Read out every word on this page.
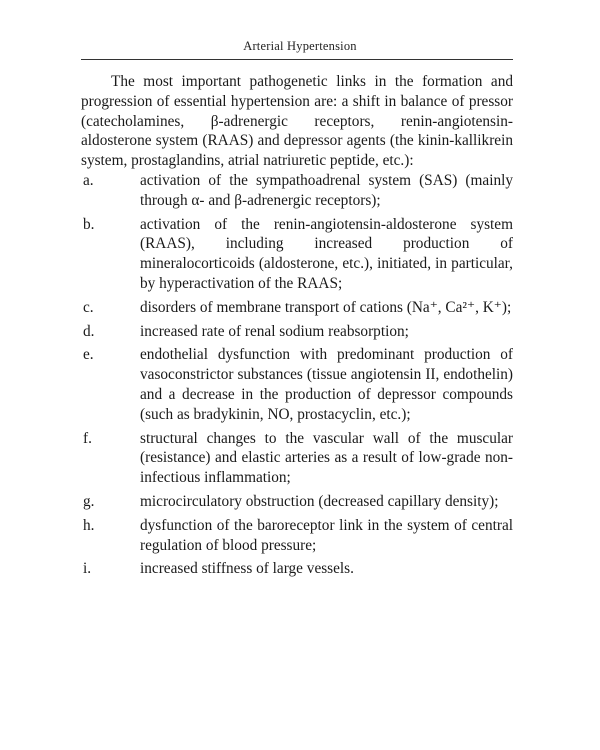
Arterial Hypertension

The most important pathogenetic links in the formation and progression of essential hypertension are: a shift in balance of pressor (catecholamines, β-adrenergic receptors, renin-angiotensin-aldosterone system (RAAS) and depressor agents (the kinin-kallikrein system, prostaglandins, atrial natriuretic peptide, etc.):

a.	activation of the sympathoadrenal system (SAS) (mainly through α- and β-adrenergic receptors);
b.	activation of the renin-angiotensin-aldosterone system (RAAS), including increased production of mineralocorticoids (aldosterone, etc.), initiated, in particular, by hyperactivation of the RAAS;
c.	disorders of membrane transport of cations (Na⁺, Ca²⁺, K⁺);
d.	increased rate of renal sodium reabsorption;
e.	endothelial dysfunction with predominant production of vasoconstrictor substances (tissue angiotensin II, endothelin) and a decrease in the production of depressor compounds (such as bradykinin, NO, prostacyclin, etc.);
f.	structural changes to the vascular wall of the muscular (resistance) and elastic arteries as a result of low-grade non-infectious inflammation;
g.	microcirculatory obstruction (decreased capillary density);
h.	dysfunction of the baroreceptor link in the system of central regulation of blood pressure;
i.	increased stiffness of large vessels.
